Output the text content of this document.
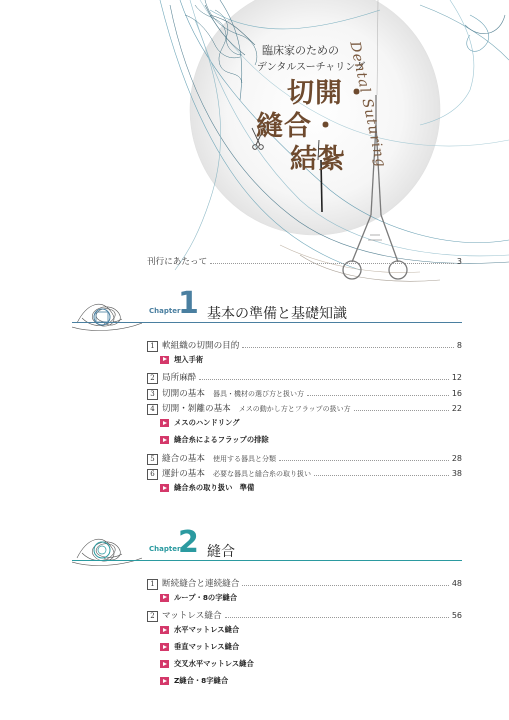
臨床家のための
デンタルスーチャリング
切開・
縫合・
結紮 Dental Suturing
刊行にあたって	3
Chapter
1 基本の準備と基礎知識
1 軟組織の切開の目的	8
埋入手術
2 局所麻酔	12
3 切開の基本 器具・機材の選び方と扱い方	16
4 切開・剝離の基本 メスの動かし方とフラップの扱い方	22
メスのハンドリング
縫合糸によるフラップの排除
5 縫合の基本 使用する器具と分類	28
6 運針の基本 必要な器具と縫合糸の取り扱い	38
縫合糸の取り扱い　準備
Chapter
2 縫合
1 断続縫合と連続縫合	48
ループ・8の字縫合
2 マットレス縫合	56
水平マットレス縫合
垂直マットレス縫合
交叉水平マットレス縫合
Z縫合・8字縫合
